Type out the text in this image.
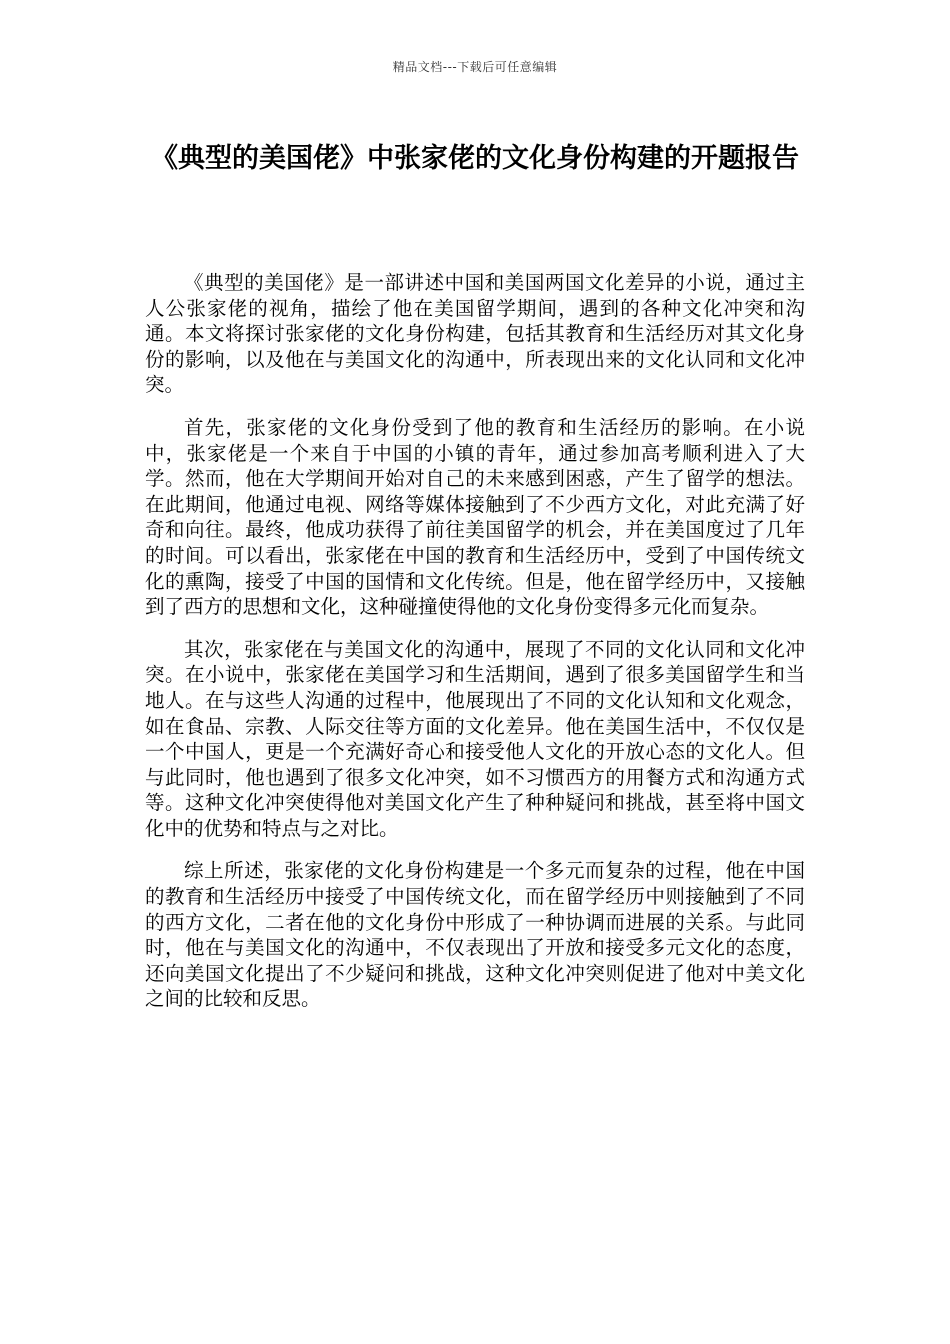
精品文档---下载后可任意编辑
《典型的美国佬》中张家佬的文化身份构建的开题报告

《典型的美国佬》是一部讲述中国和美国两国文化差异的小说，通过主人公张家佬的视角，描绘了他在美国留学期间，遇到的各种文化冲突和沟通。本文将探讨张家佬的文化身份构建，包括其教育和生活经历对其文化身份的影响，以及他在与美国文化的沟通中，所表现出来的文化认同和文化冲突。

首先，张家佬的文化身份受到了他的教育和生活经历的影响。在小说中，张家佬是一个来自于中国的小镇的青年，通过参加高考顺利进入了大学。然而，他在大学期间开始对自己的未来感到困惑，产生了留学的想法。在此期间，他通过电视、网络等媒体接触到了不少西方文化，对此充满了好奇和向往。最终，他成功获得了前往美国留学的机会，并在美国度过了几年的时间。可以看出，张家佬在中国的教育和生活经历中，受到了中国传统文化的熏陶，接受了中国的国情和文化传统。但是，他在留学经历中，又接触到了西方的思想和文化，这种碰撞使得他的文化身份变得多元化而复杂。

其次，张家佬在与美国文化的沟通中，展现了不同的文化认同和文化冲突。在小说中，张家佬在美国学习和生活期间，遇到了很多美国留学生和当地人。在与这些人沟通的过程中，他展现出了不同的文化认知和文化观念，如在食品、宗教、人际交往等方面的文化差异。他在美国生活中，不仅仅是一个中国人，更是一个充满好奇心和接受他人文化的开放心态的文化人。但与此同时，他也遇到了很多文化冲突，如不习惯西方的用餐方式和沟通方式等。这种文化冲突使得他对美国文化产生了种种疑问和挑战，甚至将中国文化中的优势和特点与之对比。

综上所述，张家佬的文化身份构建是一个多元而复杂的过程，他在中国的教育和生活经历中接受了中国传统文化，而在留学经历中则接触到了不同的西方文化，二者在他的文化身份中形成了一种协调而进展的关系。与此同时，他在与美国文化的沟通中，不仅表现出了开放和接受多元文化的态度，还向美国文化提出了不少疑问和挑战，这种文化冲突则促进了他对中美文化之间的比较和反思。
